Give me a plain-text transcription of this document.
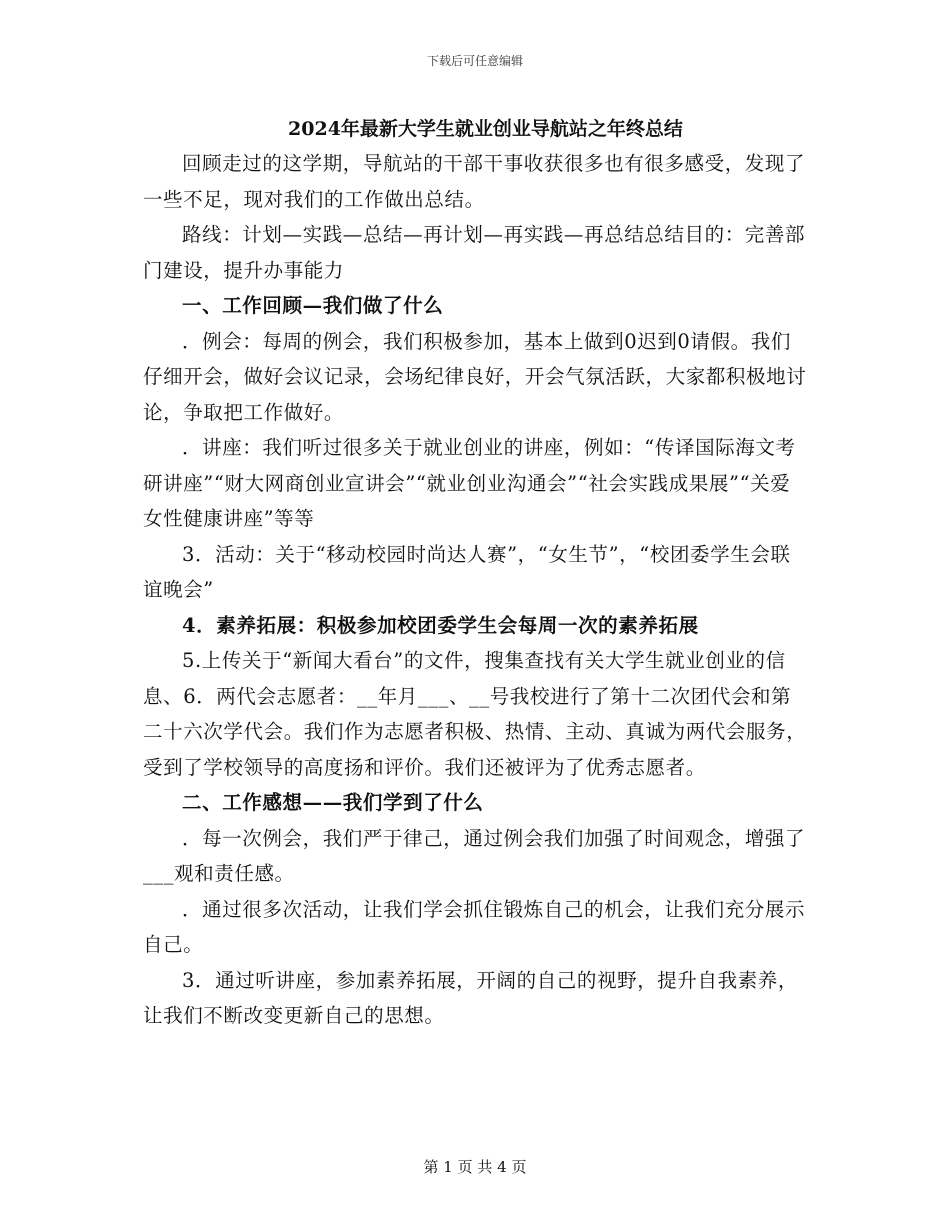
下载后可任意编辑

2024年最新大学生就业创业导航站之年终总结

回顾走过的这学期，导航站的干部干事收获很多也有很多感受，发现了一些不足，现对我们的工作做出总结。

路线：计划—实践—总结—再计划—再实践—再总结总结目的：完善部门建设，提升办事能力

一、工作回顾—我们做了什么

．例会：每周的例会，我们积极参加，基本上做到0迟到0请假。我们仔细开会，做好会议记录，会场纪律良好，开会气氛活跃，大家都积极地讨论，争取把工作做好。

．讲座：我们听过很多关于就业创业的讲座，例如：“传译国际海文考研讲座”“财大网商创业宣讲会”“就业创业沟通会”“社会实践成果展”“关爱女性健康讲座”等等

3．活动：关于“移动校园时尚达人赛”，“女生节”，“校团委学生会联谊晚会”

4．素养拓展：积极参加校团委学生会每周一次的素养拓展

5.上传关于“新闻大看台”的文件，搜集查找有关大学生就业创业的信息、6．两代会志愿者：__年月___、__号我校进行了第十二次团代会和第二十六次学代会。我们作为志愿者积极、热情、主动、真诚为两代会服务，受到了学校领导的高度扬和评价。我们还被评为了优秀志愿者。

二、工作感想——我们学到了什么

．每一次例会，我们严于律己，通过例会我们加强了时间观念，增强了___观和责任感。

．通过很多次活动，让我们学会抓住锻炼自己的机会，让我们充分展示自己。

3．通过听讲座，参加素养拓展，开阔的自己的视野，提升自我素养，让我们不断改变更新自己的思想。

第 1 页 共 4 页
